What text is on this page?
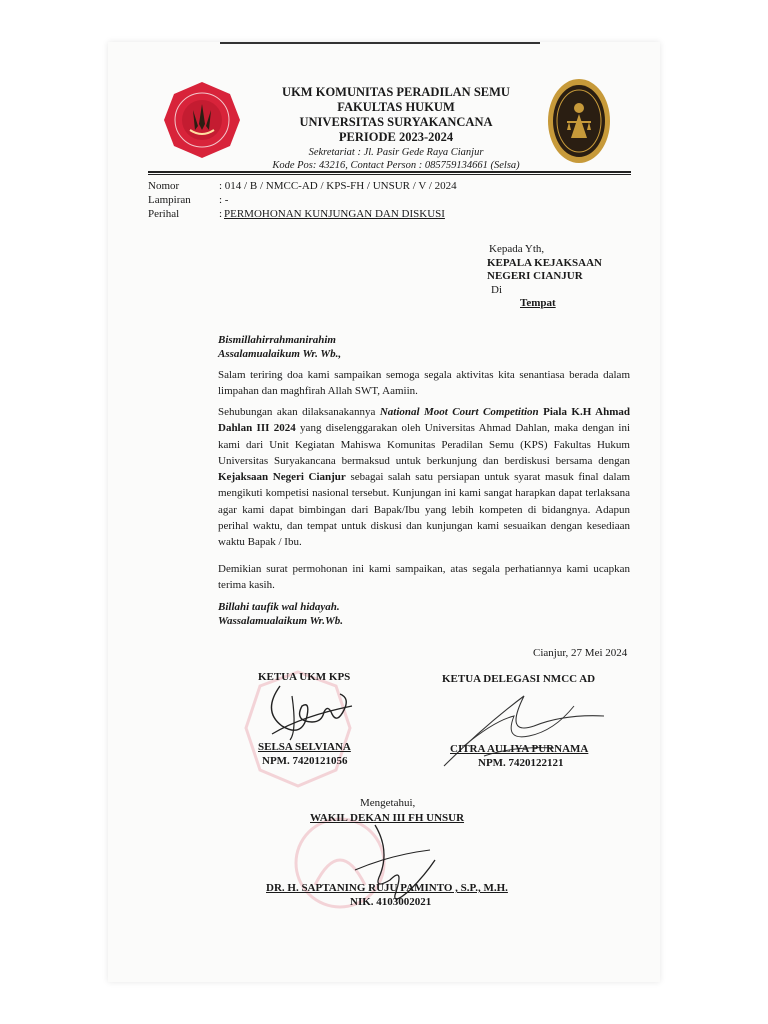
UKM KOMUNITAS PERADILAN SEMU
FAKULTAS HUKUM
UNIVERSITAS SURYAKANCANA
PERIODE 2023-2024
Sekretariat : Jl. Pasir Gede Raya Cianjur
Kode Pos: 43216, Contact Person : 085759134661 (Selsa)
Nomor	: 014 / B / NMCC-AD / KPS-FH / UNSUR / V / 2024
Lampiran	: -
Perihal	: PERMOHONAN KUNJUNGAN DAN DISKUSI
Kepada Yth,
KEPALA KEJAKSAAN
NEGERI CIANJUR
Di
Tempat
Bismillahirrahmanirahim
Assalamualaikum Wr. Wb.,
Salam teriring doa kami sampaikan semoga segala aktivitas kita senantiasa berada dalam limpahan dan maghfirah Allah SWT, Aamiin.
Sehubungan akan dilaksanakannya National Moot Court Competition Piala K.H Ahmad Dahlan III 2024 yang diselenggarakan oleh Universitas Ahmad Dahlan, maka dengan ini kami dari Unit Kegiatan Mahiswa Komunitas Peradilan Semu (KPS) Fakultas Hukum Universitas Suryakancana bermaksud untuk berkunjung dan berdiskusi bersama dengan Kejaksaan Negeri Cianjur sebagai salah satu persiapan untuk syarat masuk final dalam mengikuti kompetisi nasional tersebut. Kunjungan ini kami sangat harapkan dapat terlaksana agar kami dapat bimbingan dari Bapak/Ibu yang lebih kompeten di bidangnya. Adapun perihal waktu, dan tempat untuk diskusi dan kunjungan kami sesuaikan dengan kesediaan waktu Bapak / Ibu.
Demikian surat permohonan ini kami sampaikan, atas segala perhatiannya kami ucapkan terima kasih.
Billahi taufik wal hidayah.
Wassalamualaikum Wr.Wb.
Cianjur, 27 Mei 2024
KETUA UKM KPS
SELSA SELVIANA
NPM. 7420121056
KETUA DELEGASI NMCC AD
CITRA AULIYA PURNAMA
NPM. 7420122121
Mengetahui,
WAKIL DEKAN III FH UNSUR
DR. H. SAPTANING RUJU PAMINTO , S.P., M.H.
NIK. 4103002021
